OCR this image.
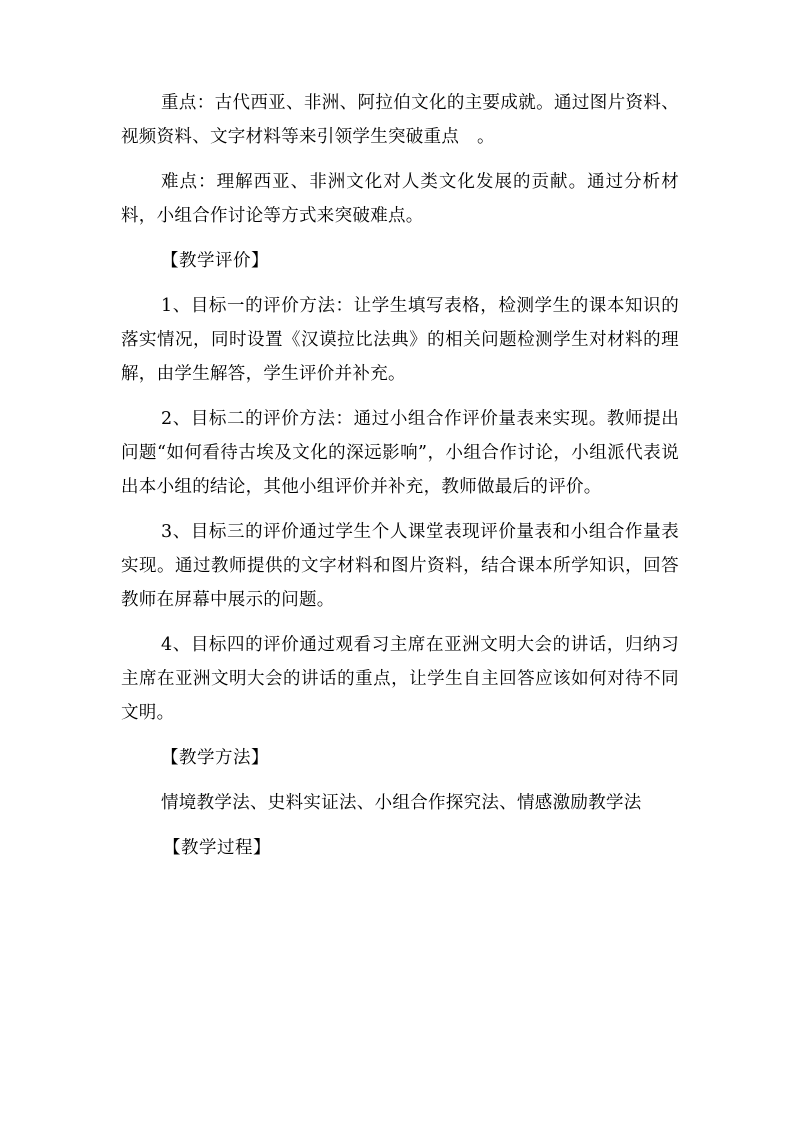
重点：古代西亚、非洲、阿拉伯文化的主要成就。通过图片资料、视频资料、文字材料等来引领学生突破重点　。

难点：理解西亚、非洲文化对人类文化发展的贡献。通过分析材料，小组合作讨论等方式来突破难点。

【教学评价】

1、目标一的评价方法：让学生填写表格，检测学生的课本知识的落实情况，同时设置《汉谟拉比法典》的相关问题检测学生对材料的理解，由学生解答，学生评价并补充。

2、目标二的评价方法：通过小组合作评价量表来实现。教师提出问题“如何看待古埃及文化的深远影响”，小组合作讨论，小组派代表说出本小组的结论，其他小组评价并补充，教师做最后的评价。

3、目标三的评价通过学生个人课堂表现评价量表和小组合作量表实现。通过教师提供的文字材料和图片资料，结合课本所学知识，回答教师在屏幕中展示的问题。

4、目标四的评价通过观看习主席在亚洲文明大会的讲话，归纳习主席在亚洲文明大会的讲话的重点，让学生自主回答应该如何对待不同文明。

【教学方法】

情境教学法、史料实证法、小组合作探究法、情感激励教学法

【教学过程】
